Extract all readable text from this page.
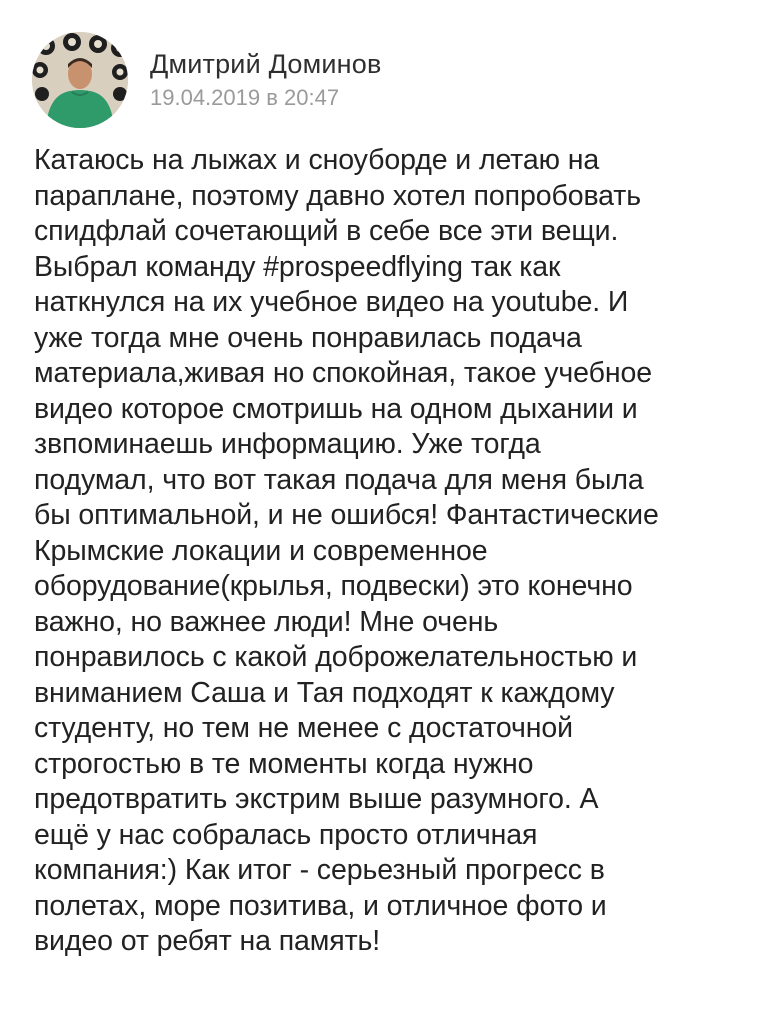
Дмитрий Доминов
19.04.2019 в 20:47
Катаюсь на лыжах и сноуборде и летаю на
параплане, поэтому давно хотел попробовать
спидфлай сочетающий в себе все эти вещи.
Выбрал команду #prospeedflying так как
наткнулся на их учебное видео на youtube. И
уже тогда мне очень понравилась подача
материала,живая но спокойная, такое учебное
видео которое смотришь на одном дыхании и
звпоминаешь информацию. Уже тогда
подумал, что вот такая подача для меня была
бы оптимальной, и не ошибся! Фантастические
Крымские локации и современное
оборудование(крылья, подвески) это конечно
важно, но важнее люди! Мне очень
понравилось с какой доброжелательностью и
вниманием Саша и Тая подходят к каждому
студенту, но тем не менее с достаточной
строгостью в те моменты когда нужно
предотвратить экстрим выше разумного. А
ещё у нас собралась просто отличная
компания:) Как итог - серьезный прогресс в
полетах, море позитива, и отличное фото и
видео от ребят на память!
